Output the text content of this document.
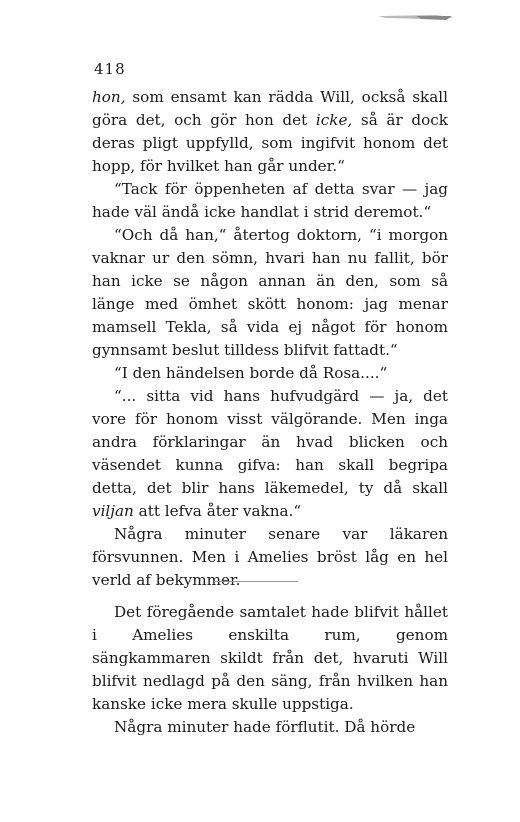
418

hon, som ensamt kan rädda Will, också skall göra det, och gör hon det icke, så är dock deras pligt uppfylld, som ingifvit honom det hopp, för hvilket han går under.“

“Tack för öppenheten af detta svar — jag hade väl ändå icke handlat i strid deremot.“

“Och då han,“ återtog doktorn, “i morgon vaknar ur den sömn, hvari han nu fallit, bör han icke se någon annan än den, som så länge med ömhet skött honom: jag menar mamsell Tekla, så vida ej något för honom gynnsamt beslut tilldess blifvit fattadt.“

“I den händelsen borde då Rosa....“

“... sitta vid hans hufvudgärd — ja, det vore för honom visst välgörande. Men inga andra förklaringar än hvad blicken och väsendet kunna gifva: han skall begripa detta, det blir hans läkemedel, ty då skall viljan att lefva åter vakna.“

Några minuter senare var läkaren försvunnen. Men i Amelies bröst låg en hel verld af bekymmer.

Det föregående samtalet hade blifvit hållet i Amelies enskilta rum, genom sängkammaren skildt från det, hvaruti Will blifvit nedlagd på den säng, från hvilken han kanske icke mera skulle uppstiga.

Några minuter hade förflutit. Då hörde
